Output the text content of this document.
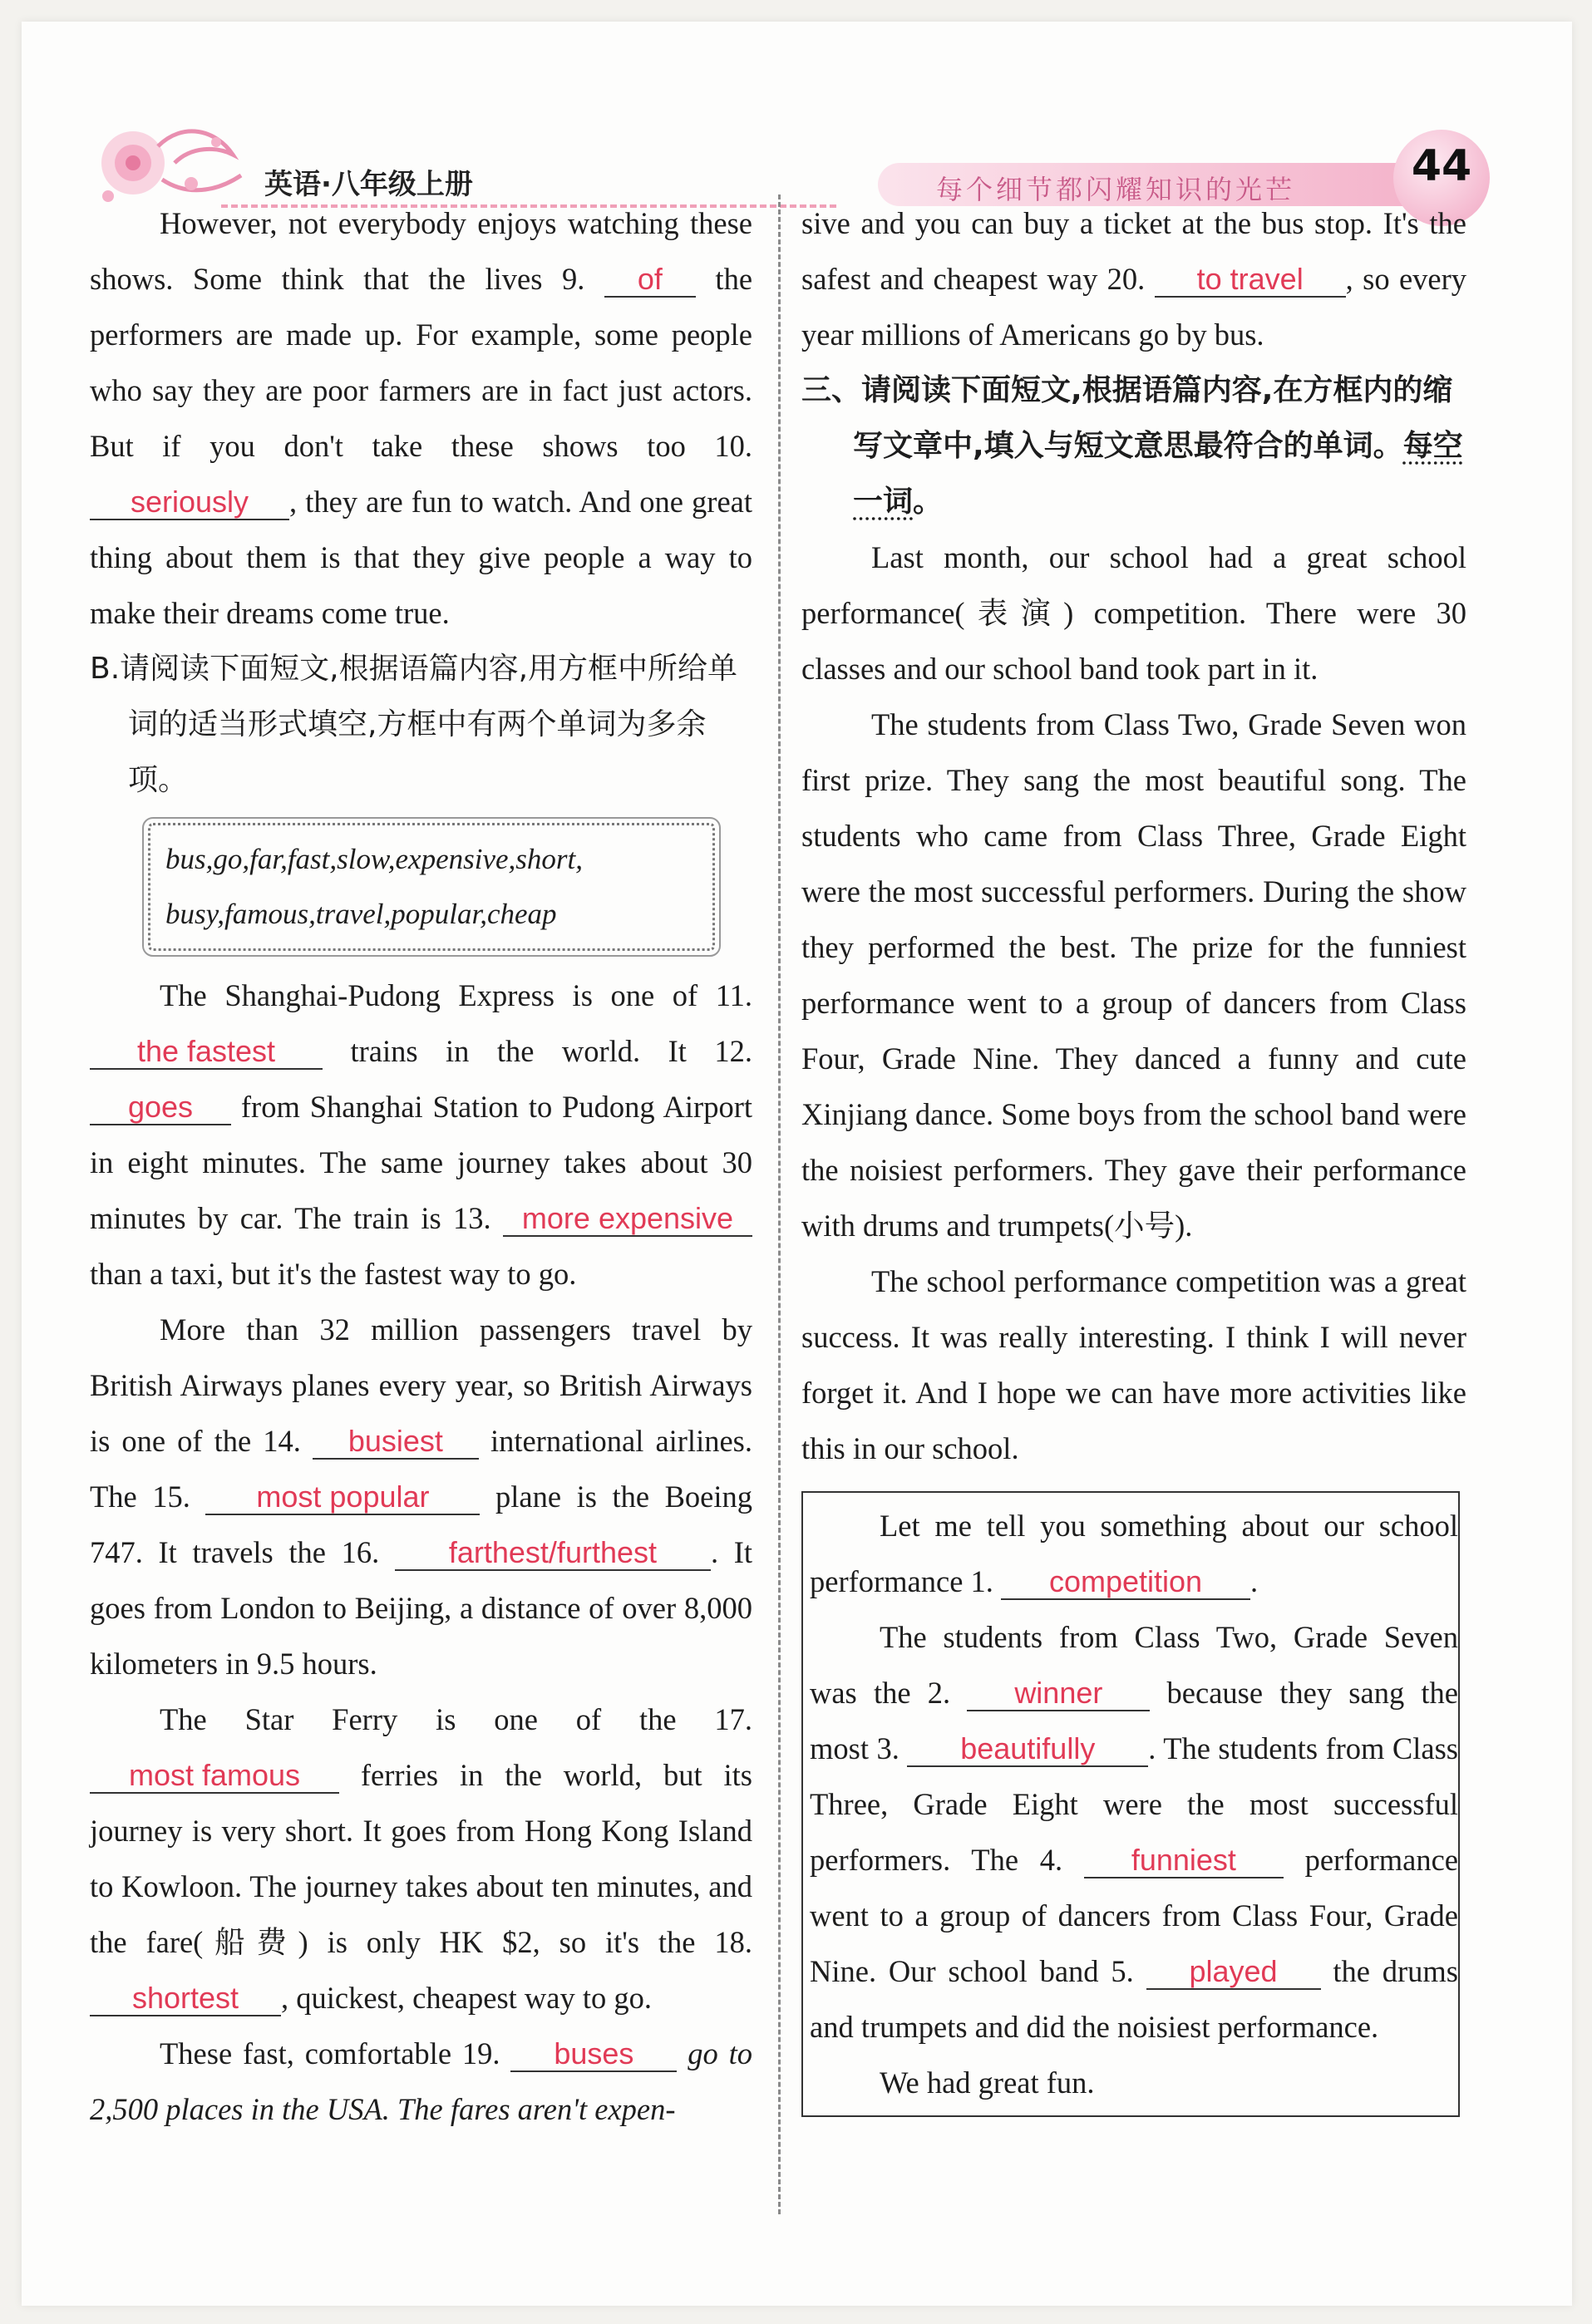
英语·八年级上册	每个细节都闪耀知识的光芒	44

However, not everybody enjoys watching these shows. Some think that the lives 9. of the performers are made up. For example, some people who say they are poor farmers are in fact just actors. But if you don't take these shows too 10. seriously , they are fun to watch. And one great thing about them is that they give people a way to make their dreams come true.

B.请阅读下面短文,根据语篇内容,用方框中所给单词的适当形式填空,方框中有两个单词为多余项。

bus,go,far,fast,slow,expensive,short,

busy,famous,travel,popular,cheap

The Shanghai-Pudong Express is one of 11. the fastest trains in the world. It 12. goes from Shanghai Station to Pudong Airport in eight minutes. The same journey takes about 30 minutes by car. The train is 13. more expensive than a taxi, but it's the fastest way to go.

More than 32 million passengers travel by British Airways planes every year, so British Airways is one of the 14. busiest international airlines. The 15. most popular plane is the Boeing 747. It travels the 16. farthest/furthest . It goes from London to Beijing, a distance of over 8,000 kilometers in 9.5 hours.

The Star Ferry is one of the 17. most famous ferries in the world, but its journey is very short. It goes from Hong Kong Island to Kowloon. The journey takes about ten minutes, and the fare(船费) is only HK $2, so it's the 18. shortest , quickest, cheapest way to go.

These fast, comfortable 19. buses go to 2,500 places in the USA. The fares aren't expen-

sive and you can buy a ticket at the bus stop. It's the safest and cheapest way 20. to travel , so every year millions of Americans go by bus.

三、请阅读下面短文,根据语篇内容,在方框内的缩写文章中,填入与短文意思最符合的单词。每空一词。

Last month, our school had a great school performance(表演) competition. There were 30 classes and our school band took part in it.

The students from Class Two, Grade Seven won first prize. They sang the most beautiful song. The students who came from Class Three, Grade Eight were the most successful performers. During the show they performed the best. The prize for the funniest performance went to a group of dancers from Class Four, Grade Nine. They danced a funny and cute Xinjiang dance. Some boys from the school band were the noisiest performers. They gave their performance with drums and trumpets(小号).

The school performance competition was a great success. It was really interesting. I think I will never forget it. And I hope we can have more activities like this in our school.

Let me tell you something about our school performance 1. competition .

The students from Class Two, Grade Seven was the 2. winner because they sang the most 3. beautifully . The students from Class Three, Grade Eight were the most successful performers. The 4. funniest performance went to a group of dancers from Class Four, Grade Nine. Our school band 5. played the drums and trumpets and did the noisiest performance.

We had great fun.
